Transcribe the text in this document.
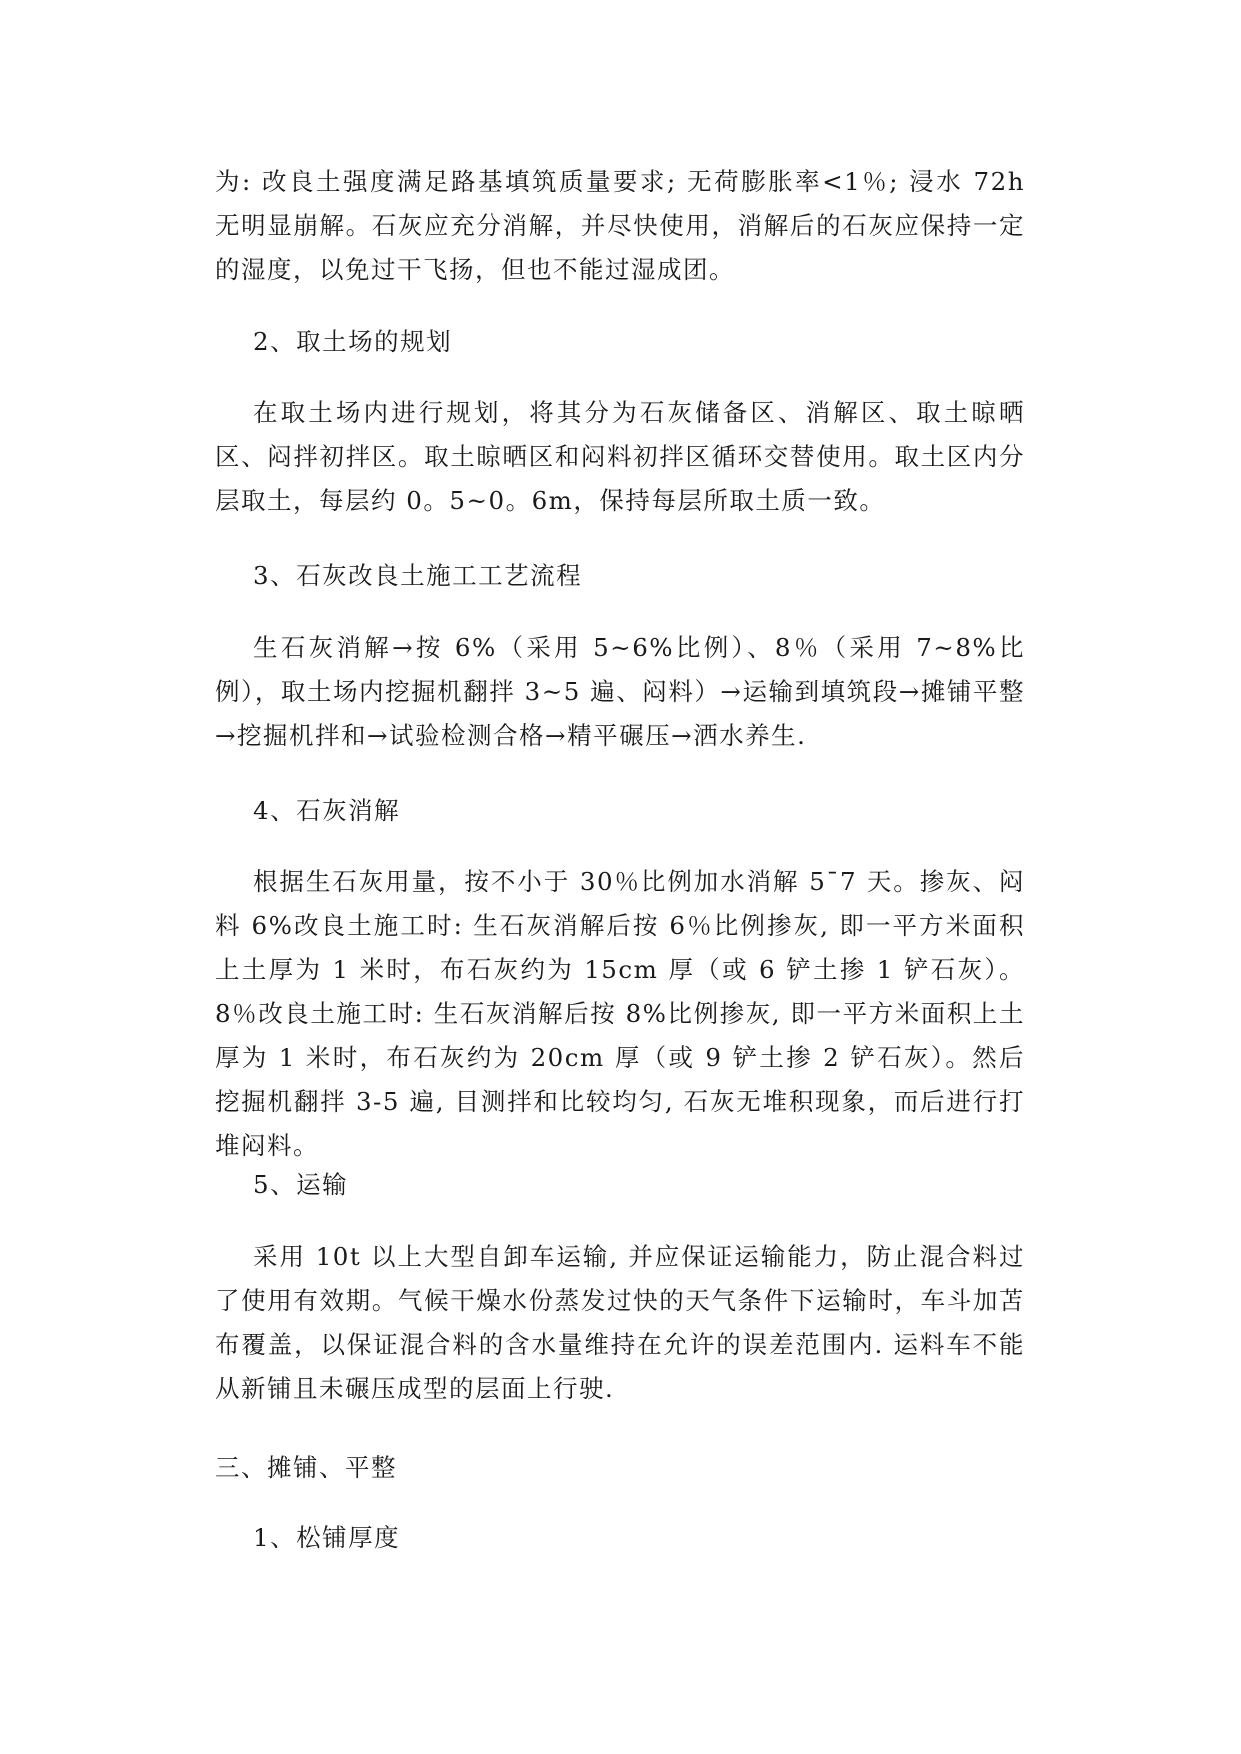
为: 改良土强度满足路基填筑质量要求; 无荷膨胀率<1％; 浸水 72h 无明显崩解。石灰应充分消解，并尽快使用，消解后的石灰应保持一定的湿度，以免过干飞扬，但也不能过湿成团。

2、取土场的规划

在取土场内进行规划，将其分为石灰储备区、消解区、取土晾晒区、闷拌初拌区。取土晾晒区和闷料初拌区循环交替使用。取土区内分层取土，每层约 0。5~0。6m，保持每层所取土质一致。

3、石灰改良土施工工艺流程

生石灰消解→按 6%（采用 5~6%比例）、8％（采用 7~8%比例），取土场内挖掘机翻拌 3~5 遍、闷料）→运输到填筑段→摊铺平整→挖掘机拌和→试验检测合格→精平碾压→洒水养生.

4、石灰消解

根据生石灰用量，按不小于 30％比例加水消解 5¯7 天。掺灰、闷料 6%改良土施工时: 生石灰消解后按 6％比例掺灰, 即一平方米面积上土厚为 1 米时，布石灰约为 15cm 厚（或 6 铲土掺 1 铲石灰）。8％改良土施工时: 生石灰消解后按 8%比例掺灰, 即一平方米面积上土厚为 1 米时，布石灰约为 20cm 厚（或 9 铲土掺 2 铲石灰）。然后挖掘机翻拌 3-5 遍, 目测拌和比较均匀, 石灰无堆积现象，而后进行打堆闷料。

5、运输

采用 10t 以上大型自卸车运输, 并应保证运输能力，防止混合料过了使用有效期。气候干燥水份蒸发过快的天气条件下运输时，车斗加苫布覆盖，以保证混合料的含水量维持在允许的误差范围内. 运料车不能从新铺且未碾压成型的层面上行驶.

三、摊铺、平整

1、松铺厚度
